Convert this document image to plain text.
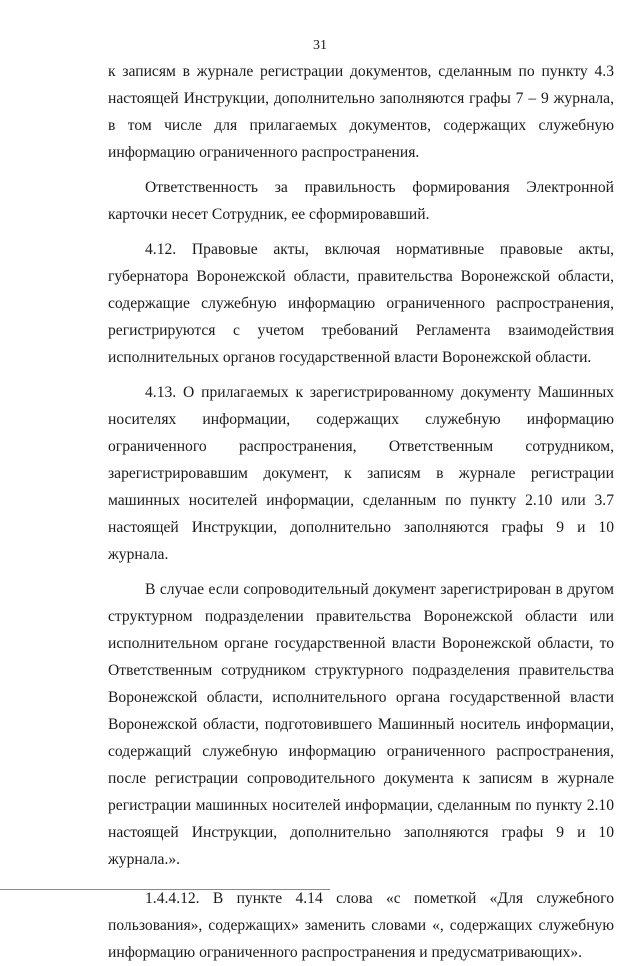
31

к записям в журнале регистрации документов, сделанным по пункту 4.3 настоящей Инструкции, дополнительно заполняются графы 7 – 9 журнала, в том числе для прилагаемых документов, содержащих служебную информацию ограниченного распространения.

Ответственность за правильность формирования Электронной карточки несет Сотрудник, ее сформировавший.

4.12. Правовые акты, включая нормативные правовые акты, губернатора Воронежской области, правительства Воронежской области, содержащие служебную информацию ограниченного распространения, регистрируются с учетом требований Регламента взаимодействия исполнительных органов государственной власти Воронежской области.

4.13. О прилагаемых к зарегистрированному документу Машинных носителях информации, содержащих служебную информацию ограниченного распространения, Ответственным сотрудником, зарегистрировавшим документ, к записям в журнале регистрации машинных носителей информации, сделанным по пункту 2.10 или 3.7 настоящей Инструкции, дополнительно заполняются графы 9 и 10 журнала.

В случае если сопроводительный документ зарегистрирован в другом структурном подразделении правительства Воронежской области или исполнительном органе государственной власти Воронежской области, то Ответственным сотрудником структурного подразделения правительства Воронежской области, исполнительного органа государственной власти Воронежской области, подготовившего Машинный носитель информации, содержащий служебную информацию ограниченного распространения, после регистрации сопроводительного документа к записям в журнале регистрации машинных носителей информации, сделанным по пункту 2.10 настоящей Инструкции, дополнительно заполняются графы 9 и 10 журнала.».

1.4.4.12. В пункте 4.14 слова «с пометкой «Для служебного пользования», содержащих» заменить словами «, содержащих служебную информацию ограниченного распространения и предусматривающих».
